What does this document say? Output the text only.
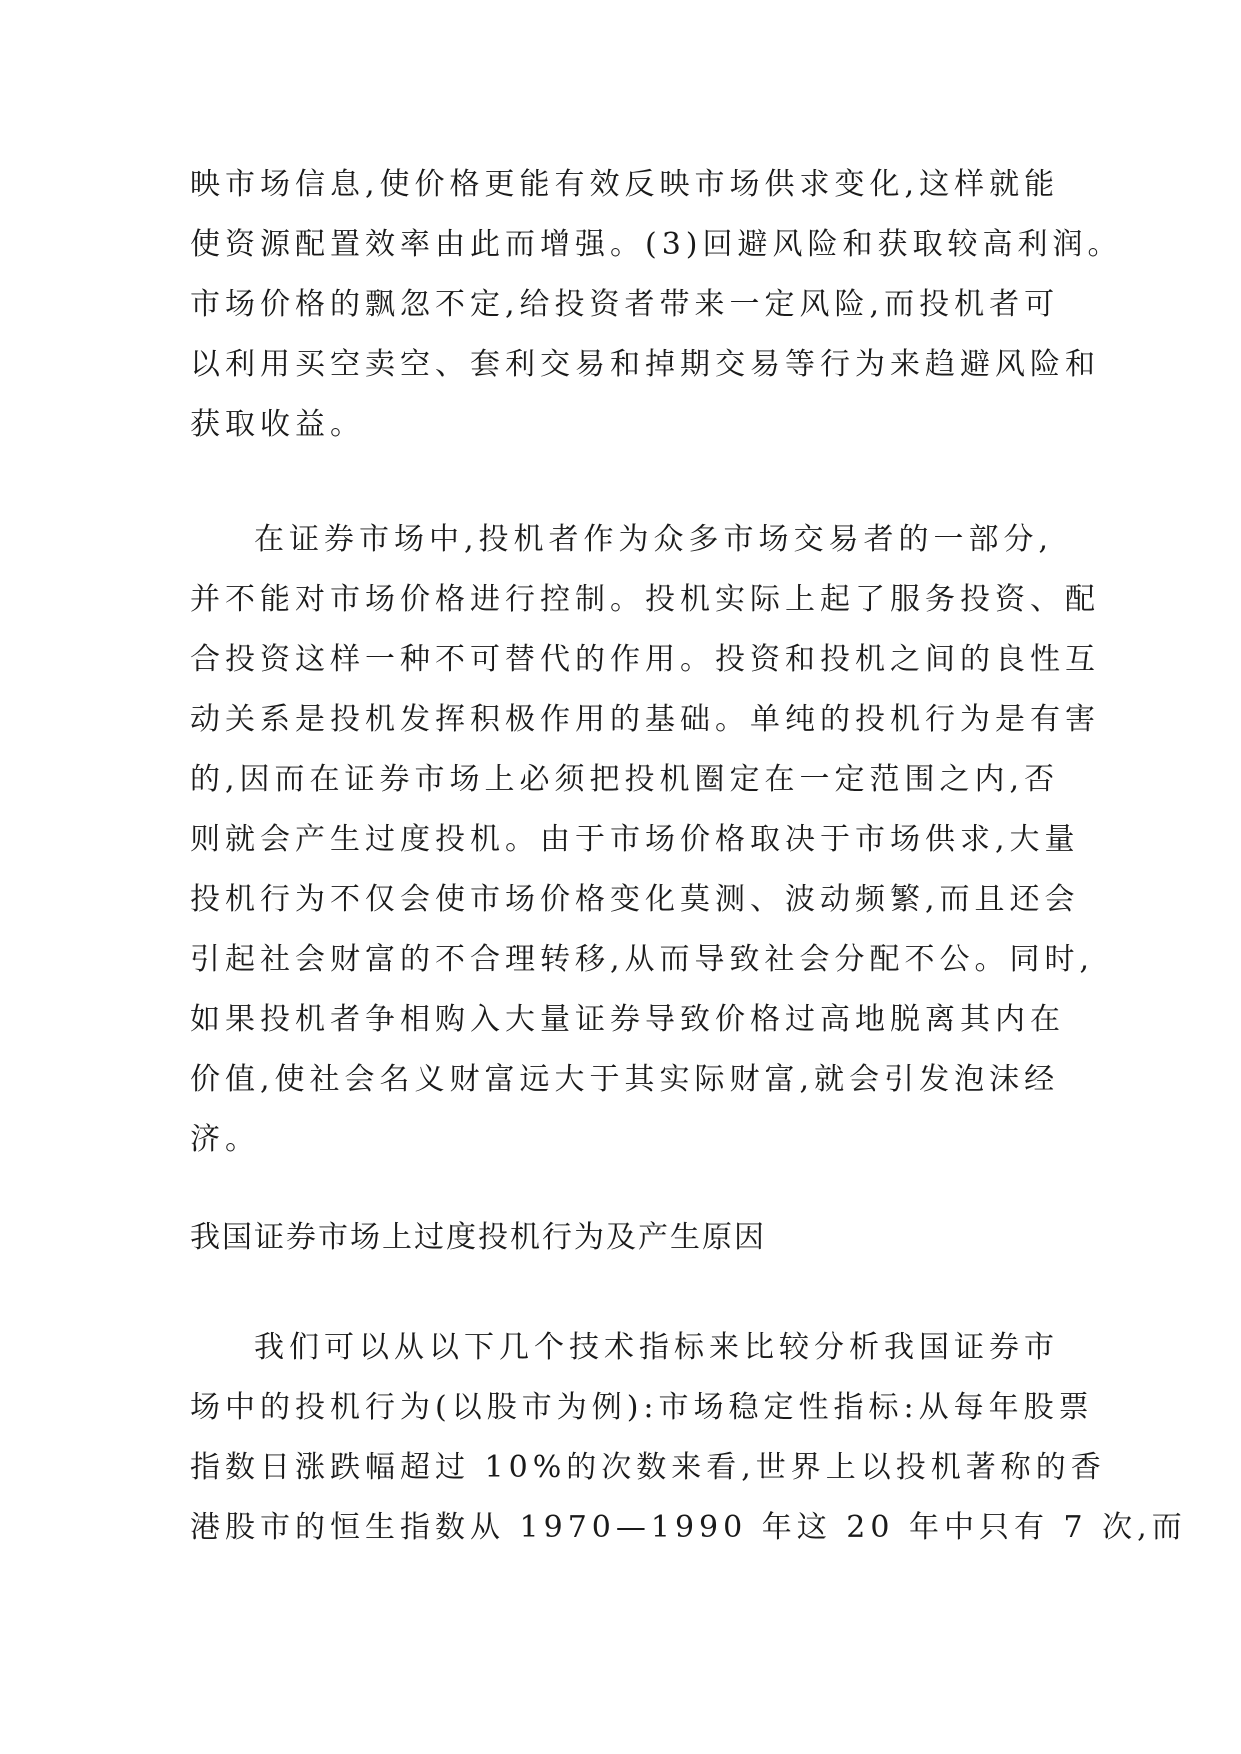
映市场信息,使价格更能有效反映市场供求变化,这样就能
使资源配置效率由此而增强。(3)回避风险和获取较高利润。
市场价格的飘忽不定,给投资者带来一定风险,而投机者可
以利用买空卖空、套利交易和掉期交易等行为来趋避风险和
获取收益。
在证券市场中,投机者作为众多市场交易者的一部分,
并不能对市场价格进行控制。投机实际上起了服务投资、配
合投资这样一种不可替代的作用。投资和投机之间的良性互
动关系是投机发挥积极作用的基础。单纯的投机行为是有害
的,因而在证券市场上必须把投机圈定在一定范围之内,否
则就会产生过度投机。由于市场价格取决于市场供求,大量
投机行为不仅会使市场价格变化莫测、波动频繁,而且还会
引起社会财富的不合理转移,从而导致社会分配不公。同时,
如果投机者争相购入大量证券导致价格过高地脱离其内在
价值,使社会名义财富远大于其实际财富,就会引发泡沫经
济。
我国证券市场上过度投机行为及产生原因
我们可以从以下几个技术指标来比较分析我国证券市
场中的投机行为(以股市为例):市场稳定性指标:从每年股票
指数日涨跌幅超过 10%的次数来看,世界上以投机著称的香
港股市的恒生指数从 1970—1990 年这 20 年中只有 7 次,而
